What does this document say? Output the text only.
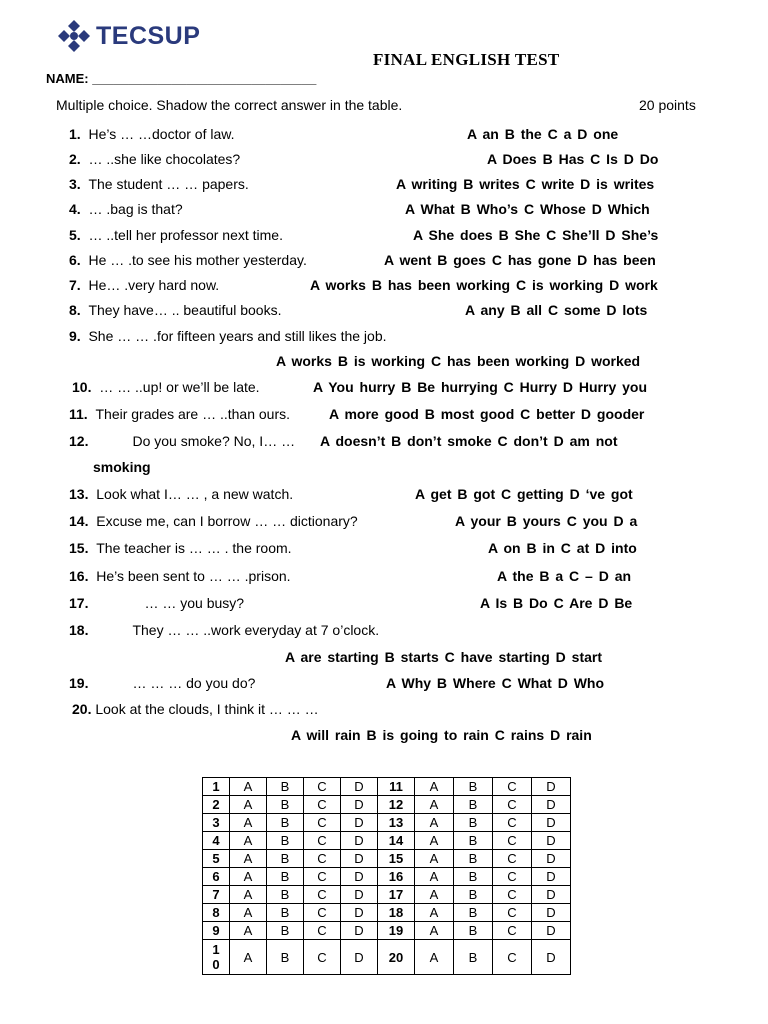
TECSUP
FINAL ENGLISH TEST
NAME: _______________________________
Multiple choice. Shadow the correct answer in the table.	20 points
1. He’s … …doctor of law.	A an B the C a D one
2. … ..she like chocolates?	A Does B Has C Is D Do
3. The student … … papers.	A writing B writes C write D is writes
4. … .bag is that?	A What B Who’s C Whose D Which
5. … ..tell her professor next time.	A She does B She C She’ll D She’s
6. He … .to see his mother yesterday.	A went B goes C has gone D has been
7. He… .very hard now.	A works B has been working C is working D work
8. They have… .. beautiful books.	A any B all C some D lots
9. She … … .for fifteen years and still likes the job.
A works B is working C has been working D worked
10. … … ..up! or we’ll be late.	A You hurry B Be hurrying C Hurry D Hurry you
11. Their grades are … ..than ours.	A more good B most good C better D gooder
12.	Do you smoke? No, I… … A doesn’t B don’t smoke C don’t D am not
smoking
13. Look what I… … , a new watch.	A get B got C getting D ‘ve got
14. Excuse me, can I borrow … … dictionary?	A your B yours C you D a
15. The teacher is … … . the room.	A on B in C at D into
16. He’s been sent to … … .prison.	A the B a C – D an
17.	… … you busy?	A Is B Do C Are D Be
18.	They … … ..work everyday at 7 o’clock.
A are starting B starts C have starting D start
19.	… … … do you do?	A Why B Where C What D Who
20. Look at the clouds, I think it … … …
A will rain B is going to rain C rains D rain
1	A	B	C	D	11	A	B	C	D
2	A	B	C	D	12	A	B	C	D
3	A	B	C	D	13	A	B	C	D
4	A	B	C	D	14	A	B	C	D
5	A	B	C	D	15	A	B	C	D
6	A	B	C	D	16	A	B	C	D
7	A	B	C	D	17	A	B	C	D
8	A	B	C	D	18	A	B	C	D
9	A	B	C	D	19	A	B	C	D
1
0	A	B	C	D	20	A	B	C	D
